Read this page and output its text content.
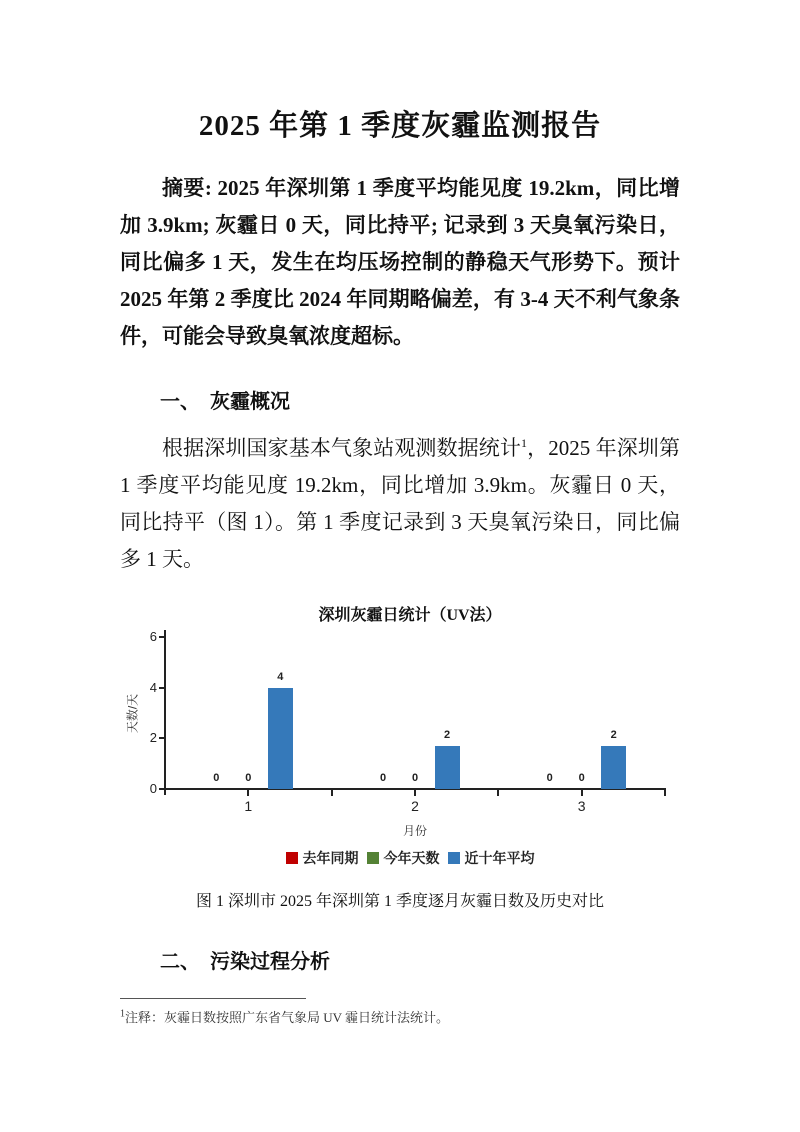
2025 年第 1 季度灰霾监测报告

摘要: 2025 年深圳第 1 季度平均能见度 19.2km，同比增加 3.9km; 灰霾日 0 天，同比持平; 记录到 3 天臭氧污染日，同比偏多 1 天，发生在均压场控制的静稳天气形势下。预计 2025 年第 2 季度比 2024 年同期略偏差，有 3-4 天不利气象条件，可能会导致臭氧浓度超标。

一、　灰霾概况

根据深圳国家基本气象站观测数据统计$^1$，2025 年深圳第 1 季度平均能见度 19.2km，同比增加 3.9km。灰霾日 0 天，同比持平（图 1）。第 1 季度记录到 3 天臭氧污染日，同比偏多 1 天。

深圳灰霾日统计（UV法）
天数/天
月份
去年同期 今年天数 近十年平均
0
2
4
6
1	2	3
0	0	0
0	0	0
4
2	2

图 1 深圳市 2025 年深圳第 1 季度逐月灰霾日数及历史对比

二、　污染过程分析
$^1$注释：灰霾日数按照广东省气象局 UV 霾日统计法统计。
